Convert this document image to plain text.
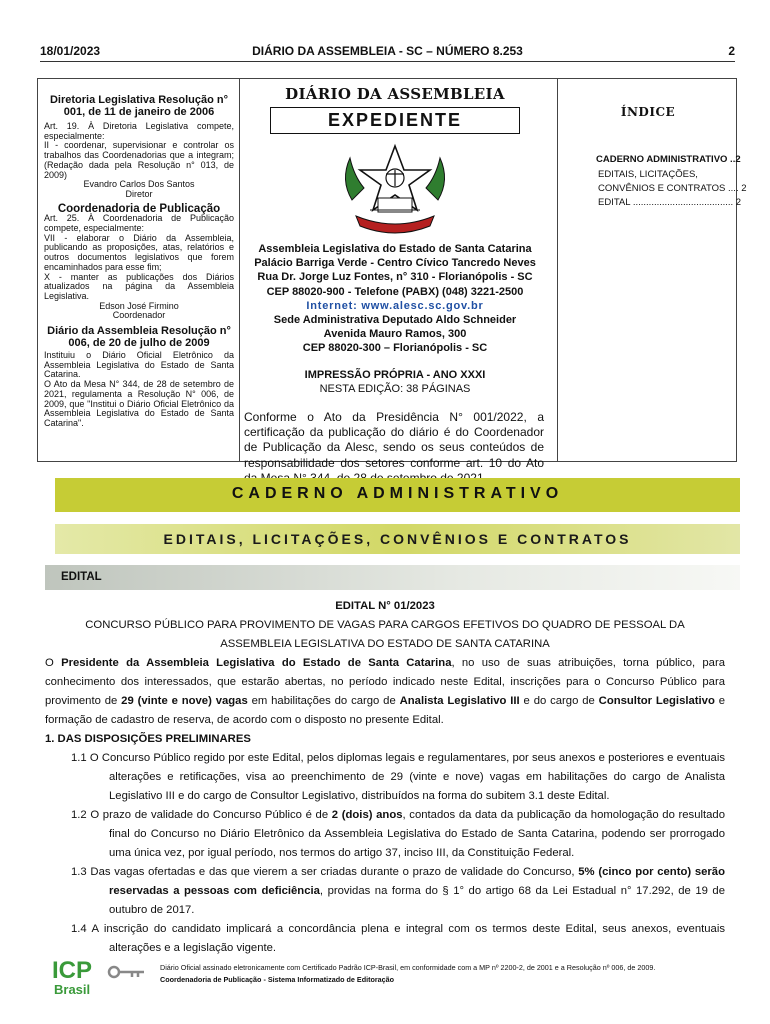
18/01/2023	DIÁRIO DA ASSEMBLEIA - SC – NÚMERO 8.253	2
Diretoria Legislativa Resolução n° 001, de 11 de janeiro de 2006
Art. 19. À Diretoria Legislativa compete, especialmente:
II - coordenar, supervisionar e controlar os trabalhos das Coordenadorias que a integram; (Redação dada pela Resolução n° 013, de 2009)
Evandro Carlos Dos Santos
Diretor
Coordenadoria de Publicação
Art. 25. À Coordenadoria de Publicação compete, especialmente:
VII - elaborar o Diário da Assembleia, publicando as proposições, atas, relatórios e outros documentos legislativos que forem encaminhados para esse fim;
X - manter as publicações dos Diários atualizados na página da Assembleia Legislativa.
Edson José Firmino
Coordenador
Diário da Assembleia Resolução n° 006, de 20 de julho de 2009
Instituiu o Diário Oficial Eletrônico da Assembleia Legislativa do Estado de Santa Catarina.
O Ato da Mesa N° 344, de 28 de setembro de 2021, regulamenta a Resolução N° 006, de 2009, que "Institui o Diário Oficial Eletrônico da Assembleia Legislativa do Estado de Santa Catarina".
DIÁRIO DA ASSEMBLEIA
EXPEDIENTE
Assembleia Legislativa do Estado de Santa Catarina
Palácio Barriga Verde - Centro Cívico Tancredo Neves
Rua Dr. Jorge Luz Fontes, n° 310 - Florianópolis - SC
CEP 88020-900 - Telefone (PABX) (048) 3221-2500
Internet: www.alesc.sc.gov.br
Sede Administrativa Deputado Aldo Schneider
Avenida Mauro Ramos, 300
CEP 88020-300 – Florianópolis - SC
IMPRESSÃO PRÓPRIA - ANO XXXI
NESTA EDIÇÃO: 38 PÁGINAS
Conforme o Ato da Presidência N° 001/2022, a certificação da publicação do diário é do Coordenador de Publicação da Alesc, sendo os seus conteúdos de responsabilidade dos setores conforme art. 10 do Ato
ÍNDICE
CADERNO ADMINISTRATIVO ..2
EDITAIS, LICITAÇÕES,
CONVÊNIOS E CONTRATOS .... 2
EDITAL ...................................... 2
CADERNO ADMINISTRATIVO
EDITAIS, LICITAÇÕES, CONVÊNIOS E CONTRATOS
EDITAL
EDITAL N° 01/2023
CONCURSO PÚBLICO PARA PROVIMENTO DE VAGAS PARA CARGOS EFETIVOS DO QUADRO DE PESSOAL DA
ASSEMBLEIA LEGISLATIVA DO ESTADO DE SANTA CATARINA

O Presidente da Assembleia Legislativa do Estado de Santa Catarina, no uso de suas atribuições, torna público, para conhecimento dos interessados, que estarão abertas, no período indicado neste Edital, inscrições para o Concurso Público para provimento de 29 (vinte e nove) vagas em habilitações do cargo de Analista Legislativo III e do cargo de Consultor Legislativo e formação de cadastro de reserva, de acordo com o disposto no presente Edital.

1. DAS DISPOSIÇÕES PRELIMINARES

1.1 O Concurso Público regido por este Edital, pelos diplomas legais e regulamentares, por seus anexos e posteriores e eventuais alterações e retificações, visa ao preenchimento de 29 (vinte e nove) vagas em habilitações do cargo de Analista Legislativo III e do cargo de Consultor Legislativo, distribuídos na forma do subitem 3.1 deste Edital.

1.2 O prazo de validade do Concurso Público é de 2 (dois) anos, contados da data da publicação da homologação do resultado final do Concurso no Diário Eletrônico da Assembleia Legislativa do Estado de Santa Catarina, podendo ser prorrogado uma única vez, por igual período, nos termos do artigo 37, inciso III, da Constituição Federal.

1.3 Das vagas ofertadas e das que vierem a ser criadas durante o prazo de validade do Concurso, 5% (cinco por cento) serão reservadas a pessoas com deficiência, providas na forma do § 1° do artigo 68 da Lei Estadual n° 17.292, de 19 de outubro de 2017.

1.4 A inscrição do candidato implicará a concordância plena e integral com os termos deste Edital, seus anexos, eventuais alterações e a legislação vigente.

ICP
Brasil
Diário Oficial assinado eletronicamente com Certificado Padrão ICP-Brasil, em conformidade com a MP nº 2200-2, de 2001 e a Resolução nº 006, de 2009.
Coordenadoria de Publicação - Sistema Informatizado de Editoração
